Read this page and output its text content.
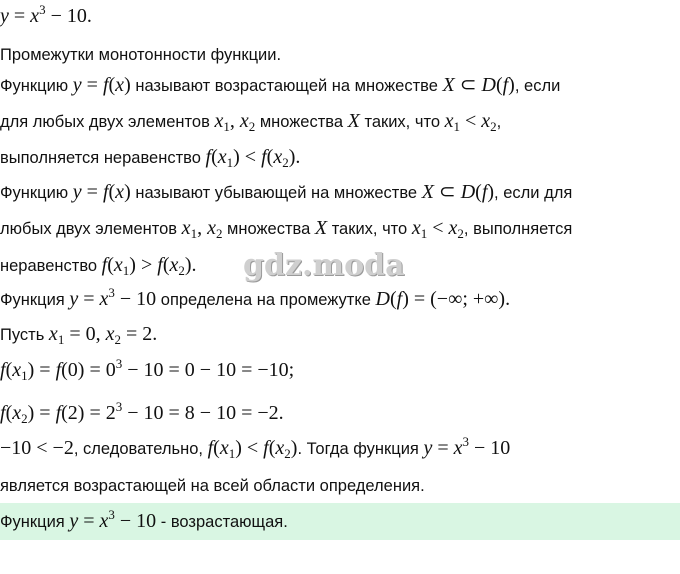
$y = x^3 - 10$.
Промежутки монотонности функции.
Функцию y = f(x) называют возрастающей на множестве X ⊂ D(f), если
для любых двух элементов $x_1$, $x_2$ множества X таких, что $x_1 < x_2$,
выполняется неравенство $f(x_1) < f(x_2)$.
Функцию y = f(x) называют убывающей на множестве X ⊂ D(f), если для
любых двух элементов $x_1$, $x_2$ множества X таких, что $x_1 < x_2$, выполняется
неравенство $f(x_1) > f(x_2)$. gdz.moda
Функция $y = x^3 - 10$ определена на промежутке D(f) = (−∞; +∞).
Пусть $x_1 = 0$, $x_2 = 2$.
$f(x_1) = f(0) = 0^3 - 10 = 0 - 10 = -10$;
$f(x_2) = f(2) = 2^3 - 10 = 8 - 10 = -2$.
−10 < −2, следовательно, $f(x_1) < f(x_2)$. Тогда функция $y = x^3 - 10$
является возрастающей на всей области определения.
Функция $y = x^3 - 10$ - возрастающая.
